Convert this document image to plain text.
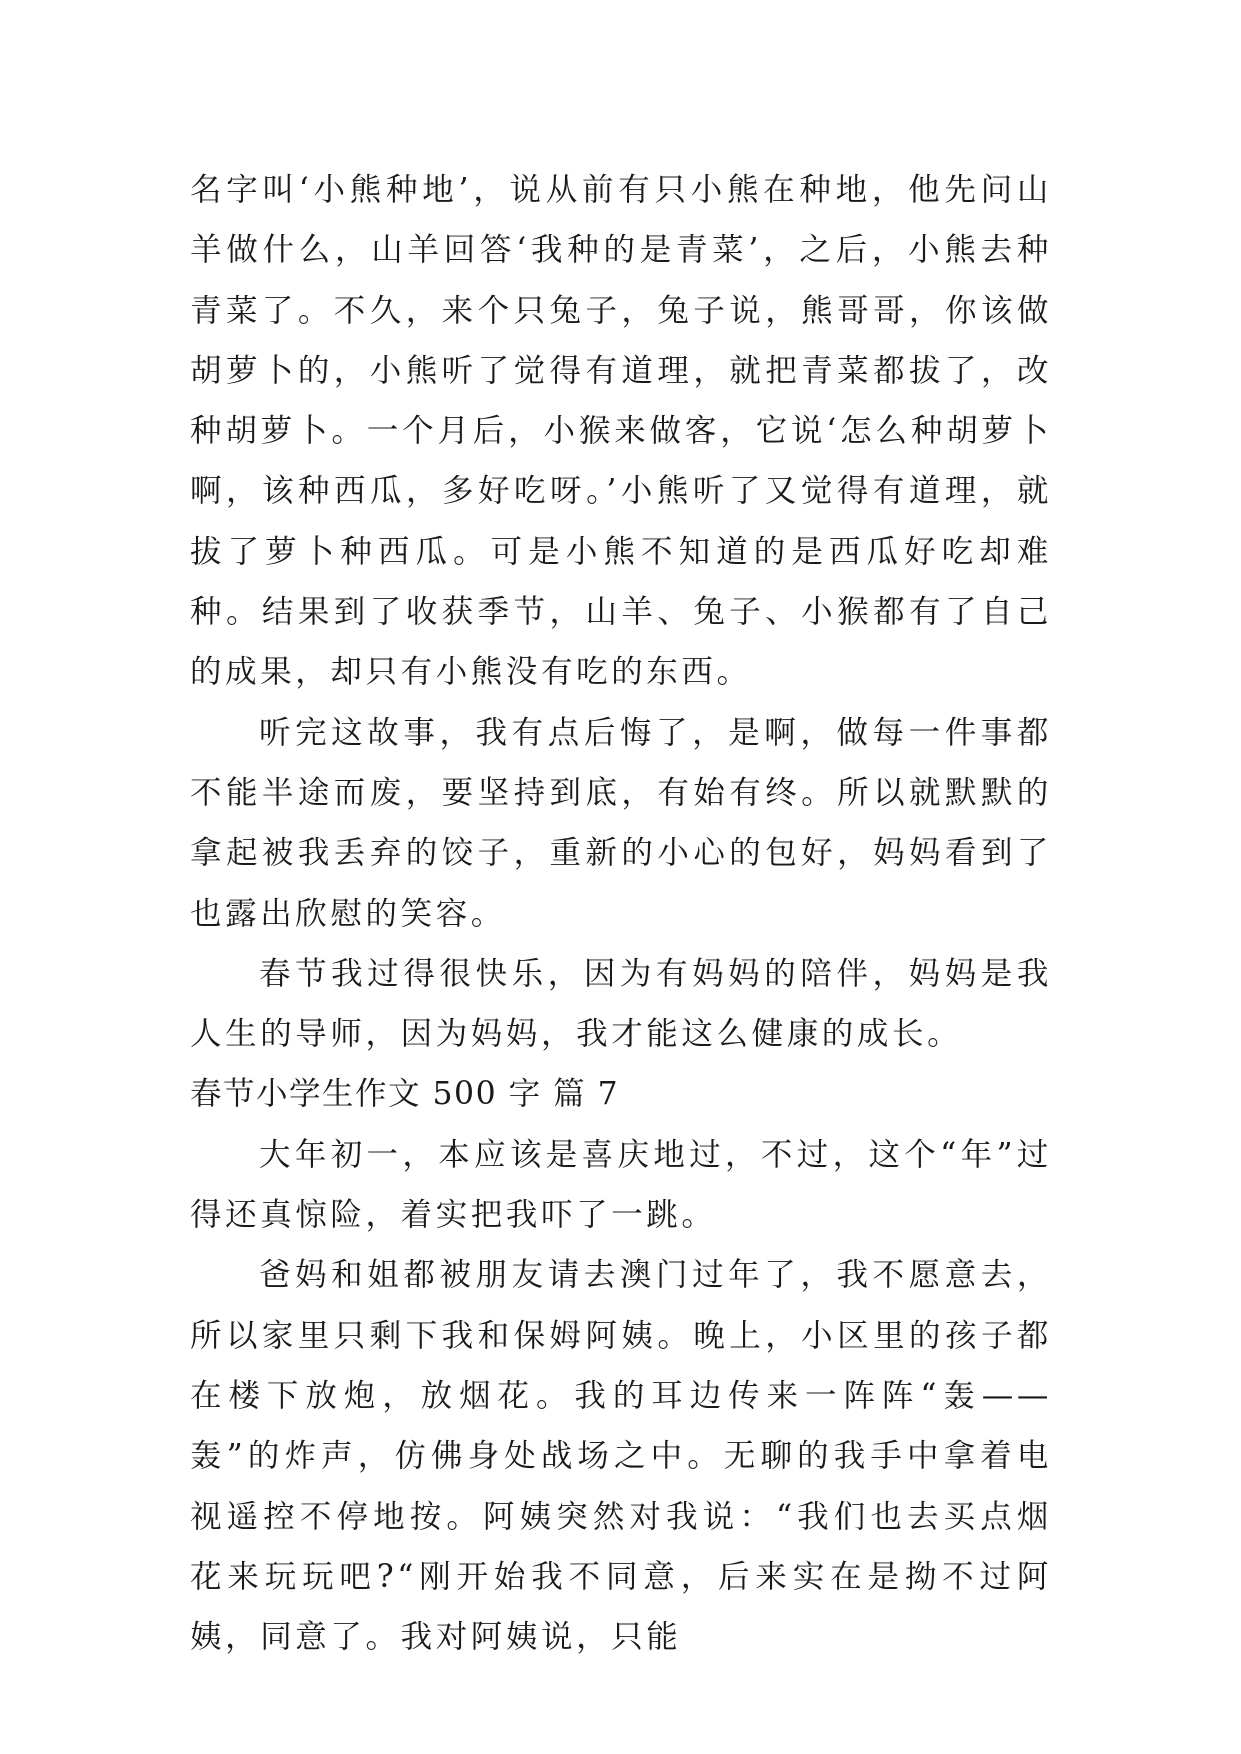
名字叫‘小熊种地’，说从前有只小熊在种地，他先问山羊做什么，山羊回答‘我种的是青菜’，之后，小熊去种青菜了。不久，来个只兔子，兔子说，熊哥哥，你该做胡萝卜的，小熊听了觉得有道理，就把青菜都拔了，改种胡萝卜。一个月后，小猴来做客，它说‘怎么种胡萝卜啊，该种西瓜，多好吃呀。’小熊听了又觉得有道理，就拔了萝卜种西瓜。可是小熊不知道的是西瓜好吃却难种。结果到了收获季节，山羊、兔子、小猴都有了自己的成果，却只有小熊没有吃的东西。

听完这故事，我有点后悔了，是啊，做每一件事都不能半途而废，要坚持到底，有始有终。所以就默默的拿起被我丢弃的饺子，重新的小心的包好，妈妈看到了也露出欣慰的笑容。

春节我过得很快乐，因为有妈妈的陪伴，妈妈是我人生的导师，因为妈妈，我才能这么健康的成长。

春节小学生作文 500 字 篇 7

大年初一，本应该是喜庆地过，不过，这个“年”过得还真惊险，着实把我吓了一跳。

爸妈和姐都被朋友请去澳门过年了，我不愿意去，所以家里只剩下我和保姆阿姨。晚上，小区里的孩子都在楼下放炮，放烟花。我的耳边传来一阵阵“轰——轰”的炸声，仿佛身处战场之中。无聊的我手中拿着电视遥控不停地按。阿姨突然对我说：“我们也去买点烟花来玩玩吧?“刚开始我不同意，后来实在是拗不过阿姨，同意了。我对阿姨说，只能
